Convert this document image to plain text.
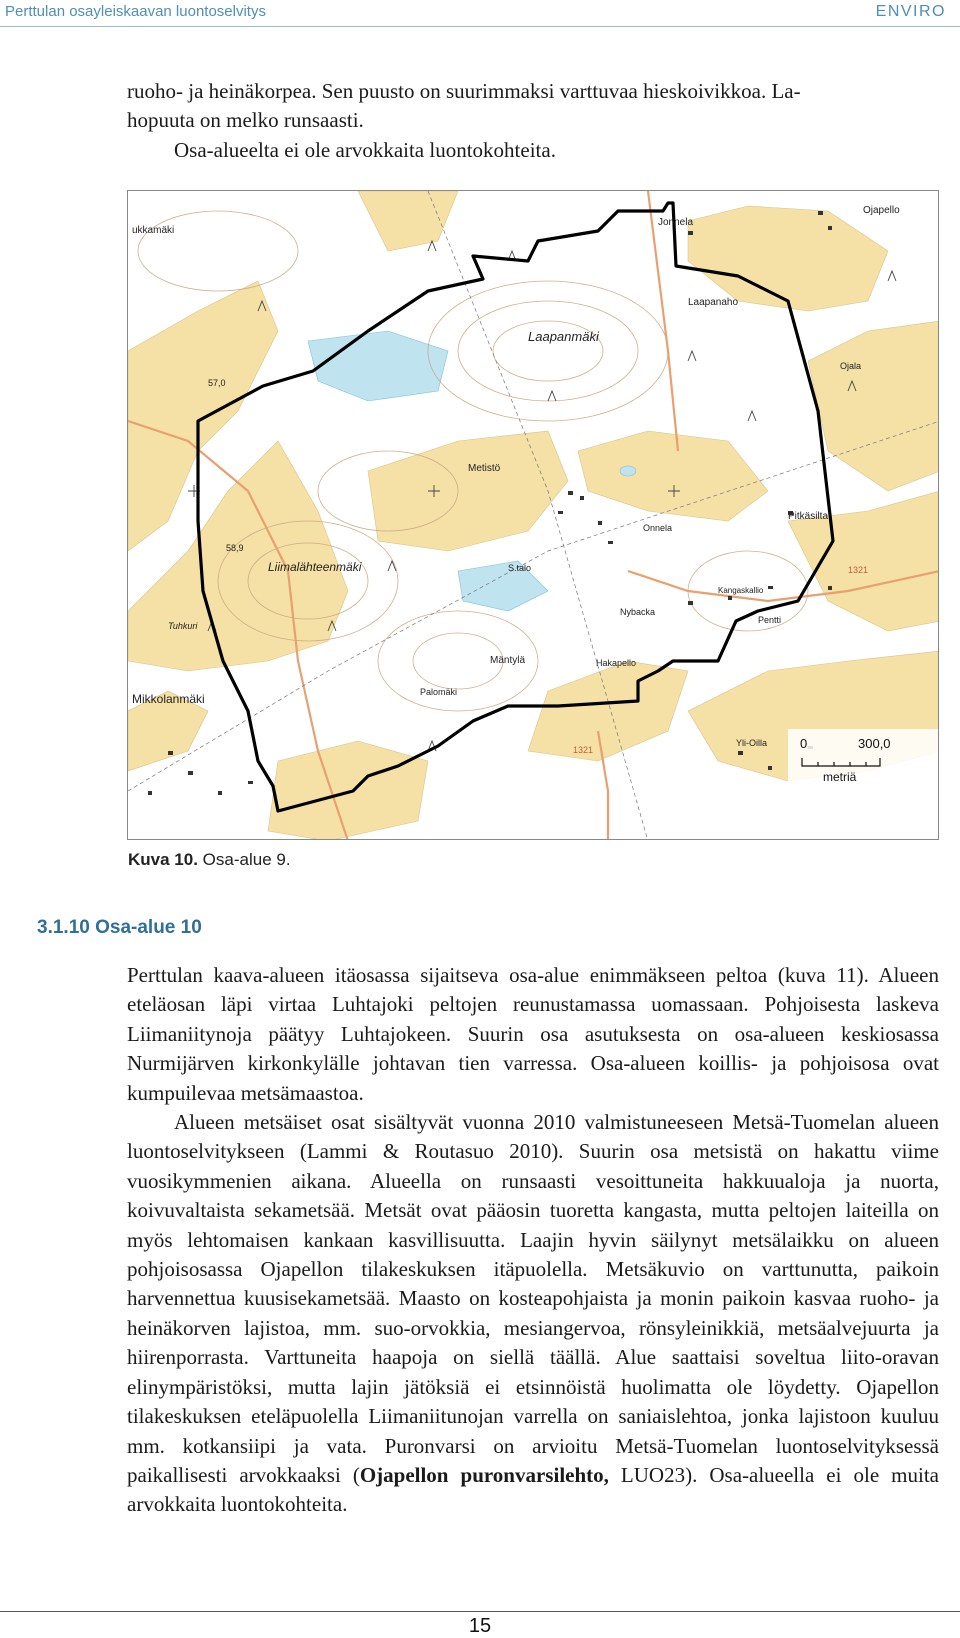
Perttulan osayleiskaavan luontoselvitys	ENVIRO

ruoho- ja heinäkorpea. Sen puusto on suurimmaksi varttuvaa hieskoivikkoa. La-

hopuuta on melko runsaasti.

Osa-alueelta ei ole arvokkaita luontokohteita.

ukkamäki
Jonnela
Ojapello
Laapanaho
Laapanmäki
Ojala
Metistö
57,0
Pitkäsilta
Onnela
58,9
Liimalähteenmäki	S.talo	1321
Kangaskallio
Nybacka
Pentti
Tuhkuri
Mäntylä	Hakapello
Mikkolanmäki	Palomäki
Yli-Oilla
1321	0	300,0
metriä
Kuva 10. Osa-alue 9.
3.1.10 Osa-alue 10

Perttulan kaava-alueen itäosassa sijaitseva osa-alue enimmäkseen peltoa (kuva 11). Alueen eteläosan läpi virtaa Luhtajoki peltojen reunustamassa uomassaan. Pohjoisesta laskeva Liimaniitynoja päätyy Luhtajokeen. Suurin osa asutuksesta on osa-alueen keskiosassa Nurmijärven kirkonkylälle johtavan tien varressa. Osa-alueen koillis- ja pohjoisosa ovat kumpuilevaa metsämaastoa.

Alueen metsäiset osat sisältyvät vuonna 2010 valmistuneeseen Metsä-Tuomelan alueen luontoselvitykseen (Lammi & Routasuo 2010). Suurin osa metsistä on hakattu viime vuosikymmenien aikana. Alueella on runsaasti vesoittuneita hakkuualoja ja nuorta, koivuvaltaista sekametsää. Metsät ovat pääosin tuoretta kangasta, mutta peltojen laiteilla on myös lehtomaisen kankaan kasvillisuutta. Laajin hyvin säilynyt metsälaikku on alueen pohjoisosassa Ojapellon tilakeskuksen itäpuolella. Metsäkuvio on varttunutta, paikoin harvennettua kuusisekametsää. Maasto on kosteapohjaista ja monin paikoin kasvaa ruoho- ja heinäkorven lajistoa, mm. suo-orvokkia, mesiangervoa, rönsyleinikkiä, metsäalvejuurta ja hiirenporrasta. Varttuneita haapoja on siellä täällä. Alue saattaisi soveltua liito-oravan elinympäristöksi, mutta lajin jätöksiä ei etsinnöistä huolimatta ole löydetty. Ojapellon tilakeskuksen eteläpuolella Liimaniitunojan varrella on saniaislehtoa, jonka lajistoon kuuluu mm. kotkansiipi ja vata. Puronvarsi on arvioitu Metsä-Tuomelan luontoselvityksessä paikallisesti arvokkaaksi (Ojapellon puronvarsilehto, LUO23). Osa-alueella ei ole muita arvokkaita luontokohteita.

15
